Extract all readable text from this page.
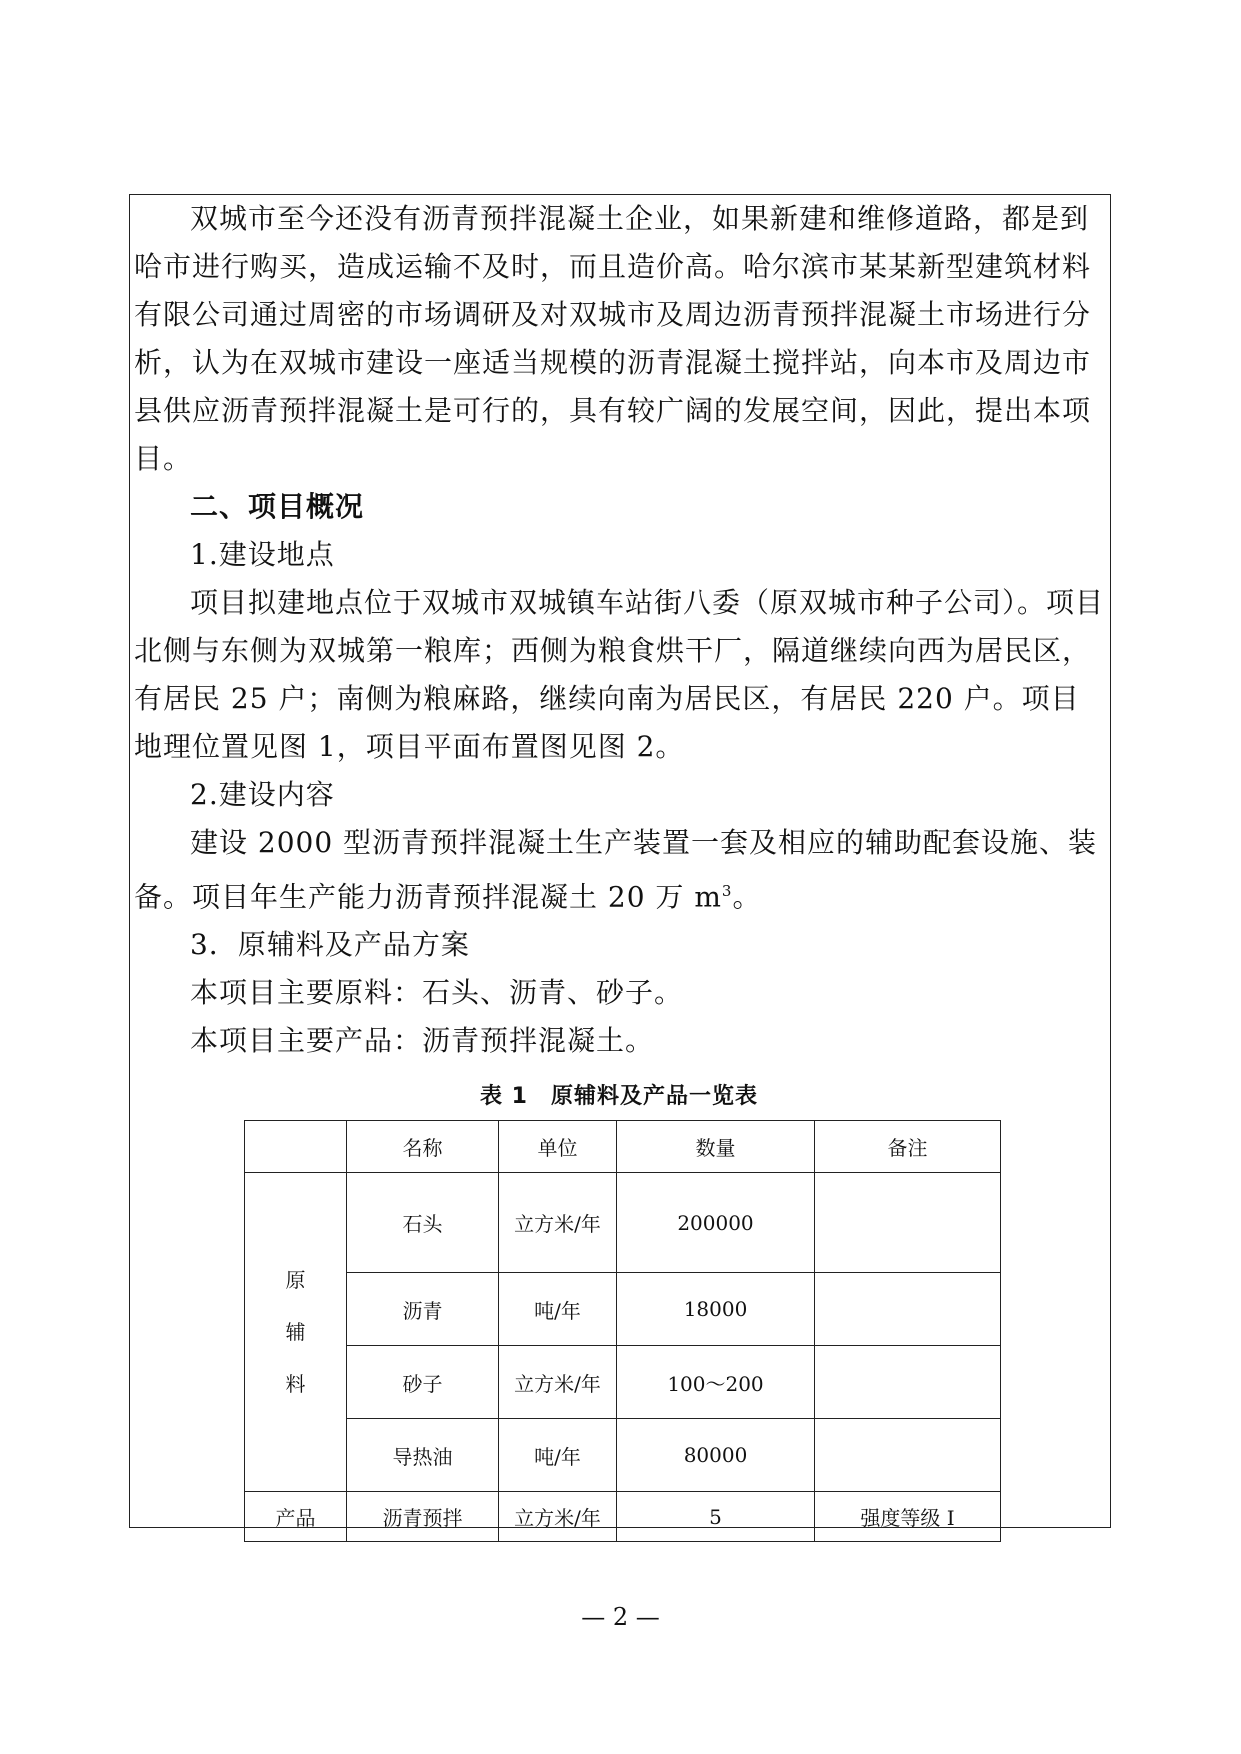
双城市至今还没有沥青预拌混凝土企业，如果新建和维修道路，都是到哈市进行购买，造成运输不及时，而且造价高。哈尔滨市某某新型建筑材料有限公司通过周密的市场调研及对双城市及周边沥青预拌混凝土市场进行分析，认为在双城市建设一座适当规模的沥青混凝土搅拌站，向本市及周边市县供应沥青预拌混凝土是可行的，具有较广阔的发展空间，因此，提出本项目。

二、项目概况

1.建设地点

项目拟建地点位于双城市双城镇车站街八委（原双城市种子公司）。项目北侧与东侧为双城第一粮库；西侧为粮食烘干厂，隔道继续向西为居民区，有居民 25 户；南侧为粮麻路，继续向南为居民区，有居民 220 户。项目地理位置见图 1，项目平面布置图见图 2。

2.建设内容

建设 2000 型沥青预拌混凝土生产装置一套及相应的辅助配套设施、装备。项目年生产能力沥青预拌混凝土 20 万 $m^3$。

3．原辅料及产品方案

本项目主要原料：石头、沥青、砂子。

本项目主要产品：沥青预拌混凝土。

表 1　原辅料及产品一览表
	名称	单位	数量	备注

原
辅
料	石头	立方米/年	200000	
	沥青	吨/年	18000	
	砂子	立方米/年	100～200	
	导热油	吨/年	80000	
产品	沥青预拌	立方米/年	5	强度等级 I
— 2 —
